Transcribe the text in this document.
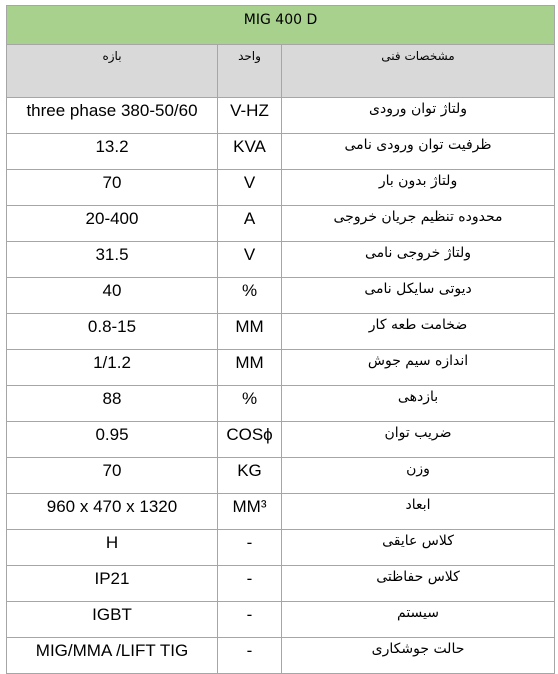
MIG 400 D		
بازه	واحد	مشخصات فنی
three phase 380-50/60	V-HZ	ولتاژ توان ورودی
13.2	KVA	ظرفیت توان ورودی نامی
70	V	ولتاژ بدون بار
20-400	A	محدوده تنظیم جریان خروجی
31.5	V	ولتاژ خروجی نامی
40	%	دیوتی سایکل نامی
0.8-15	MM	ضخامت طعه کار
1/1.2	MM	اندازه سیم جوش
88	%	بازدهی
0.95	COSϕ	ضریب توان
70	KG	وزن
960 x 470 x 1320	MM³	ابعاد
H	-	کلاس عایقی
IP21	-	کلاس حفاظتی
IGBT	-	سیستم
MIG/MMA /LIFT TIG	-	حالت جوشکاری
